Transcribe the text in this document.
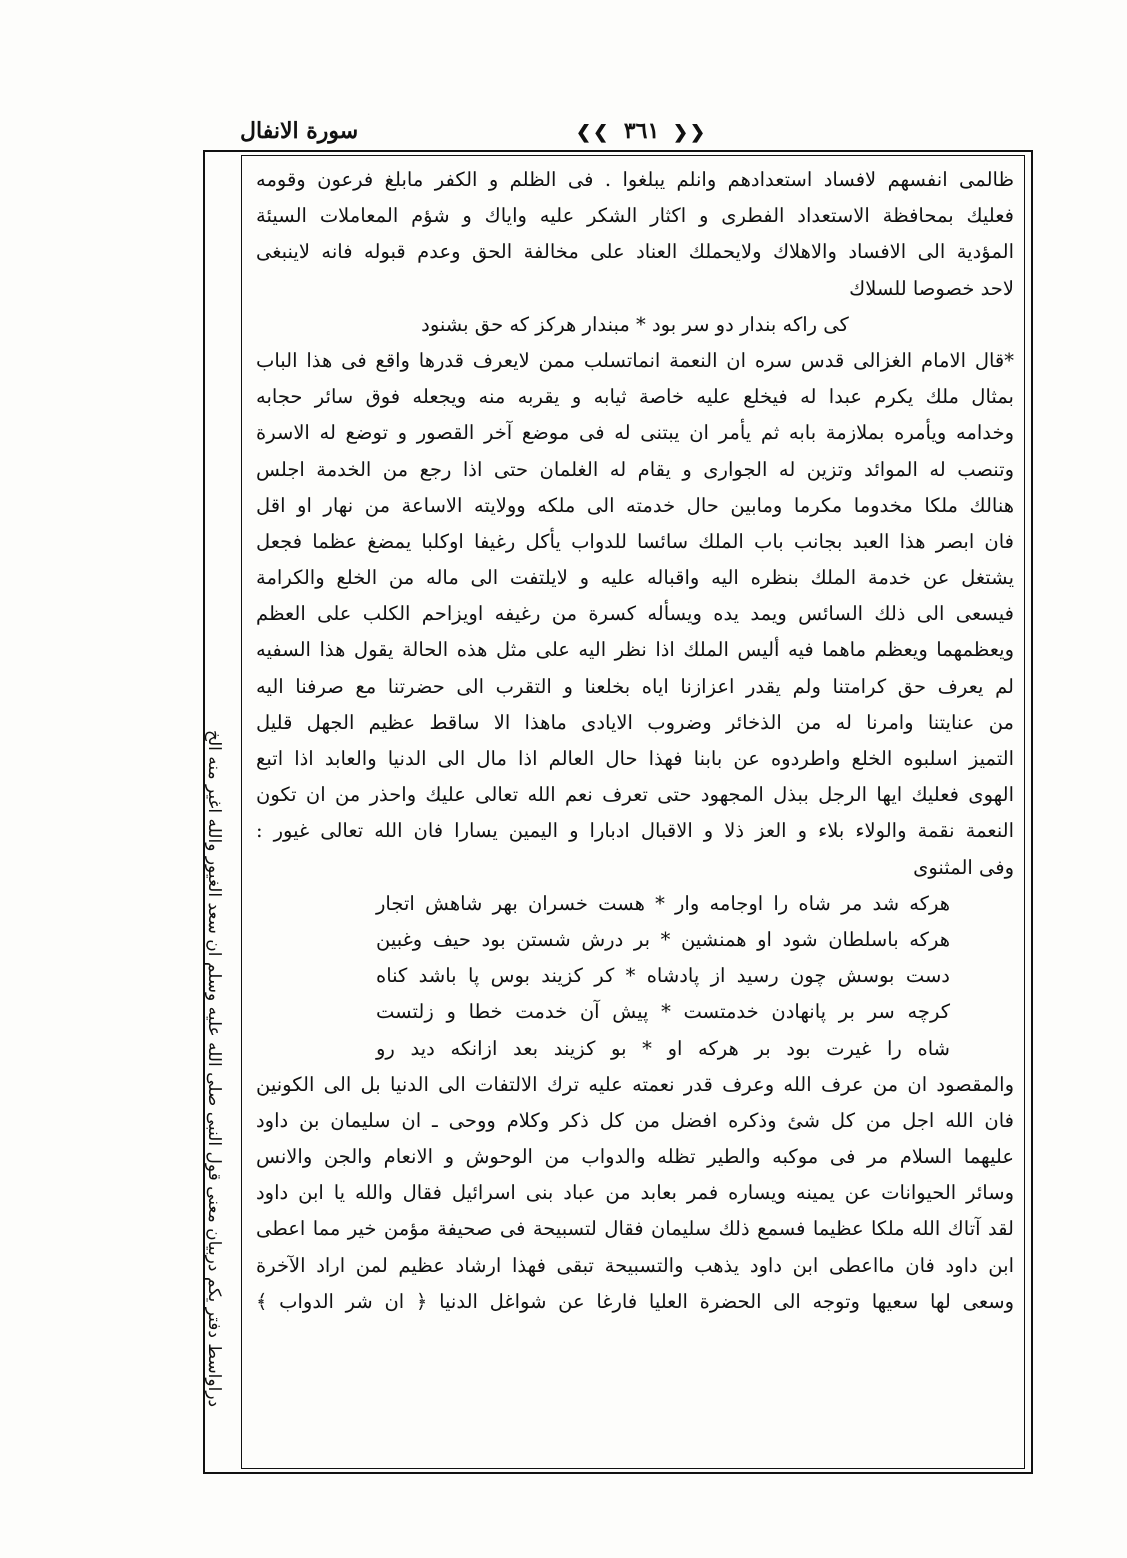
سورة الانفال	❮❮ ٣٦١ ❯❯
دراواسط دفتر يكم دربيان معنى قول النبى صلى الله عليه وسلم ان سعد الغيور والله اغير منه الخ
ظالمى انفسهم لافساد استعدادهم وانلم يبلغوا . فى الظلم و الكفر مابلغ فرعون وقومه
فعليك بمحافظة الاستعداد الفطرى و اكثار الشكر عليه واياك و شؤم المعاملات السيئة
المؤدية الى الافساد والاهلاك ولايحملك العناد على مخالفة الحق وعدم قبوله فانه لاينبغى
لاحد خصوصا للسلاك
كى راكه بندار دو سر بود * مبندار هركز كه حق بشنود
*قال الامام الغزالى قدس سره ان النعمة انماتسلب ممن لايعرف قدرها واقع فى هذا الباب
بمثال ملك يكرم عبدا له فيخلع عليه خاصة ثيابه و يقربه منه ويجعله فوق سائر حجابه
وخدامه ويأمره بملازمة بابه ثم يأمر ان يبتنى له فى موضع آخر القصور و توضع له الاسرة
وتنصب له الموائد وتزين له الجوارى و يقام له الغلمان حتى اذا رجع من الخدمة اجلس
هنالك ملكا مخدوما مكرما ومابين حال خدمته الى ملكه وولايته الاساعة من نهار او اقل
فان ابصر هذا العبد بجانب باب الملك سائسا للدواب يأكل رغيفا اوكلبا يمضغ عظما فجعل
يشتغل عن خدمة الملك بنظره اليه واقباله عليه و لايلتفت الى ماله من الخلع والكرامة
فيسعى الى ذلك السائس ويمد يده ويسأله كسرة من رغيفه اويزاحم الكلب على العظم
ويعظمهما ويعظم ماهما فيه أليس الملك اذا نظر اليه على مثل هذه الحالة يقول هذا السفيه
لم يعرف حق كرامتنا ولم يقدر اعزازنا اياه بخلعنا و التقرب الى حضرتنا مع صرفنا اليه
من عنايتنا وامرنا له من الذخائر وضروب الايادى ماهذا الا ساقط عظيم الجهل قليل
التميز اسلبوه الخلع واطردوه عن بابنا فهذا حال العالم اذا مال الى الدنيا والعابد اذا اتبع
الهوى فعليك ايها الرجل ببذل المجهود حتى تعرف نعم الله تعالى عليك واحذر من ان تكون
النعمة نقمة والولاء بلاء و العز ذلا و الاقبال ادبارا و اليمين يسارا فان الله تعالى غيور :
وفى المثنوى
هركه شد مر شاه را اوجامه وار * هست خسران بهر شاهش اتجار
هركه باسلطان شود او همنشين * بر درش شستن بود حيف وغبين
دست بوسش چون رسيد از پادشاه * كر كزيند بوس پا باشد كناه
كرچه سر بر پانهادن خدمتست * پيش آن خدمت خطا و زلتست
شاه را غيرت بود بر هركه او * بو كزيند بعد ازانكه ديد رو
والمقصود ان من عرف الله وعرف قدر نعمته عليه ترك الالتفات الى الدنيا بل الى الكونين
فان الله اجل من كل شئ وذكره افضل من كل ذكر وكلام ووحى ـ ان سليمان بن داود
عليهما السلام مر فى موكبه والطير تظله والدواب من الوحوش و الانعام والجن والانس
وسائر الحيوانات عن يمينه ويساره فمر بعابد من عباد بنى اسرائيل فقال والله يا ابن داود
لقد آتاك الله ملكا عظيما فسمع ذلك سليمان فقال لتسبيحة فى صحيفة مؤمن خير مما اعطى
ابن داود فان مااعطى ابن داود يذهب والتسبيحة تبقى فهذا ارشاد عظيم لمن اراد الآخرة
وسعى لها سعيها وتوجه الى الحضرة العليا فارغا عن شواغل الدنيا ﴿ ان شر الدواب ﴾
